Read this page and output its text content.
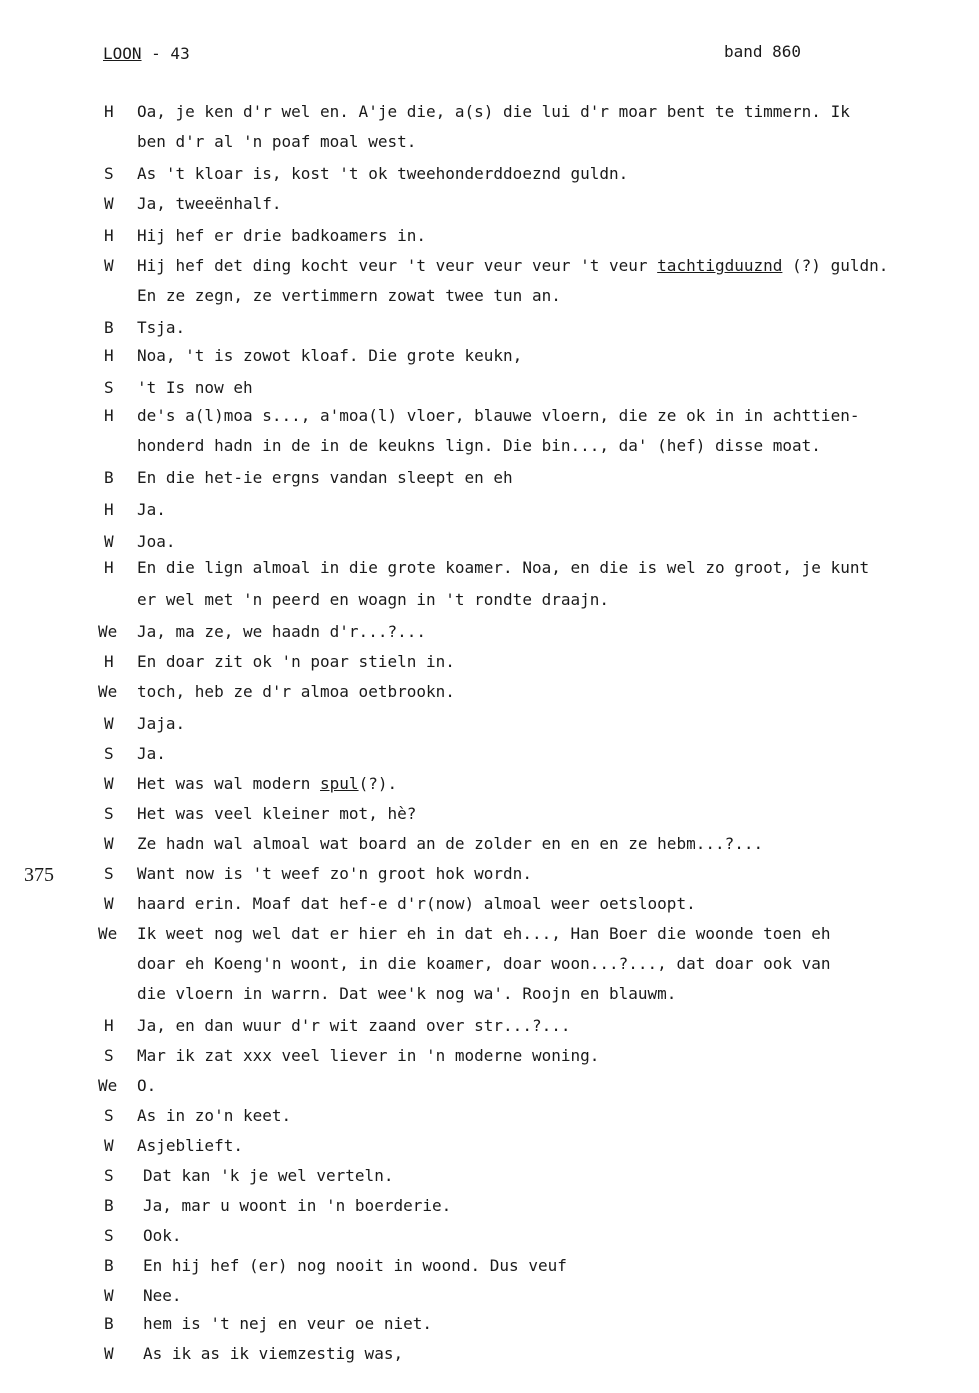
LOON - 43	band 860
375
H	Oa, je ken d'r wel en. A'je die, a(s) die lui d'r moar bent te timmern. Ik
ben d'r al 'n poaf moal west.
S	As 't kloar is, kost 't ok tweehonderddoeznd guldn.
W	Ja, tweeënhalf.
H	Hij hef er drie badkoamers in.
W	Hij hef det ding kocht veur 't veur veur veur 't veur tachtigduuznd (?) guldn.
En ze zegn, ze vertimmern zowat twee tun an.
B	Tsja.
H	Noa, 't is zowot kloaf. Die grote keukn,
S	't Is now eh
H	de's a(l)moa s..., a'moa(l) vloer, blauwe vloern, die ze ok in in achttien-
honderd hadn in de in de keukns lign. Die bin..., da' (hef) disse moat.
B	En die het-ie ergns vandan sleept en eh
H	Ja.
W	Joa.
H	En die lign almoal in die grote koamer. Noa, en die is wel zo groot, je kunt
er wel met 'n peerd en woagn in 't rondte draajn.
We	Ja, ma ze, we haadn d'r...?...
H	En doar zit ok 'n poar stieln in.
We	toch, heb ze d'r almoa oetbrookn.
W	Jaja.
S	Ja.
W	Het was wal modern spul(?).
S	Het was veel kleiner mot, hè?
W	Ze hadn wal almoal wat board an de zolder en en en ze hebm...?...
S	Want now is 't weef zo'n groot hok wordn.
W	haard erin. Moaf dat hef-e d'r(now) almoal weer oetsloopt.
We	Ik weet nog wel dat er hier eh in dat eh..., Han Boer die woonde toen eh
doar eh Koeng'n woont, in die koamer, doar woon...?..., dat doar ook van
die vloern in warrn. Dat wee'k nog wa'. Roojn en blauwm.
H	Ja, en dan wuur d'r wit zaand over str...?...
S	Mar ik zat xxx veel liever in 'n moderne woning.
We	O.
S	As in zo'n keet.
W	Asjeblieft.
S	Dat kan 'k je wel verteln.
B	Ja, mar u woont in 'n boerderie.
S	Ook.
B	En hij hef (er) nog nooit in woond. Dus veuf
W	Nee.
B	hem is 't nej en veur oe niet.
W	As ik as ik viemzestig was,
